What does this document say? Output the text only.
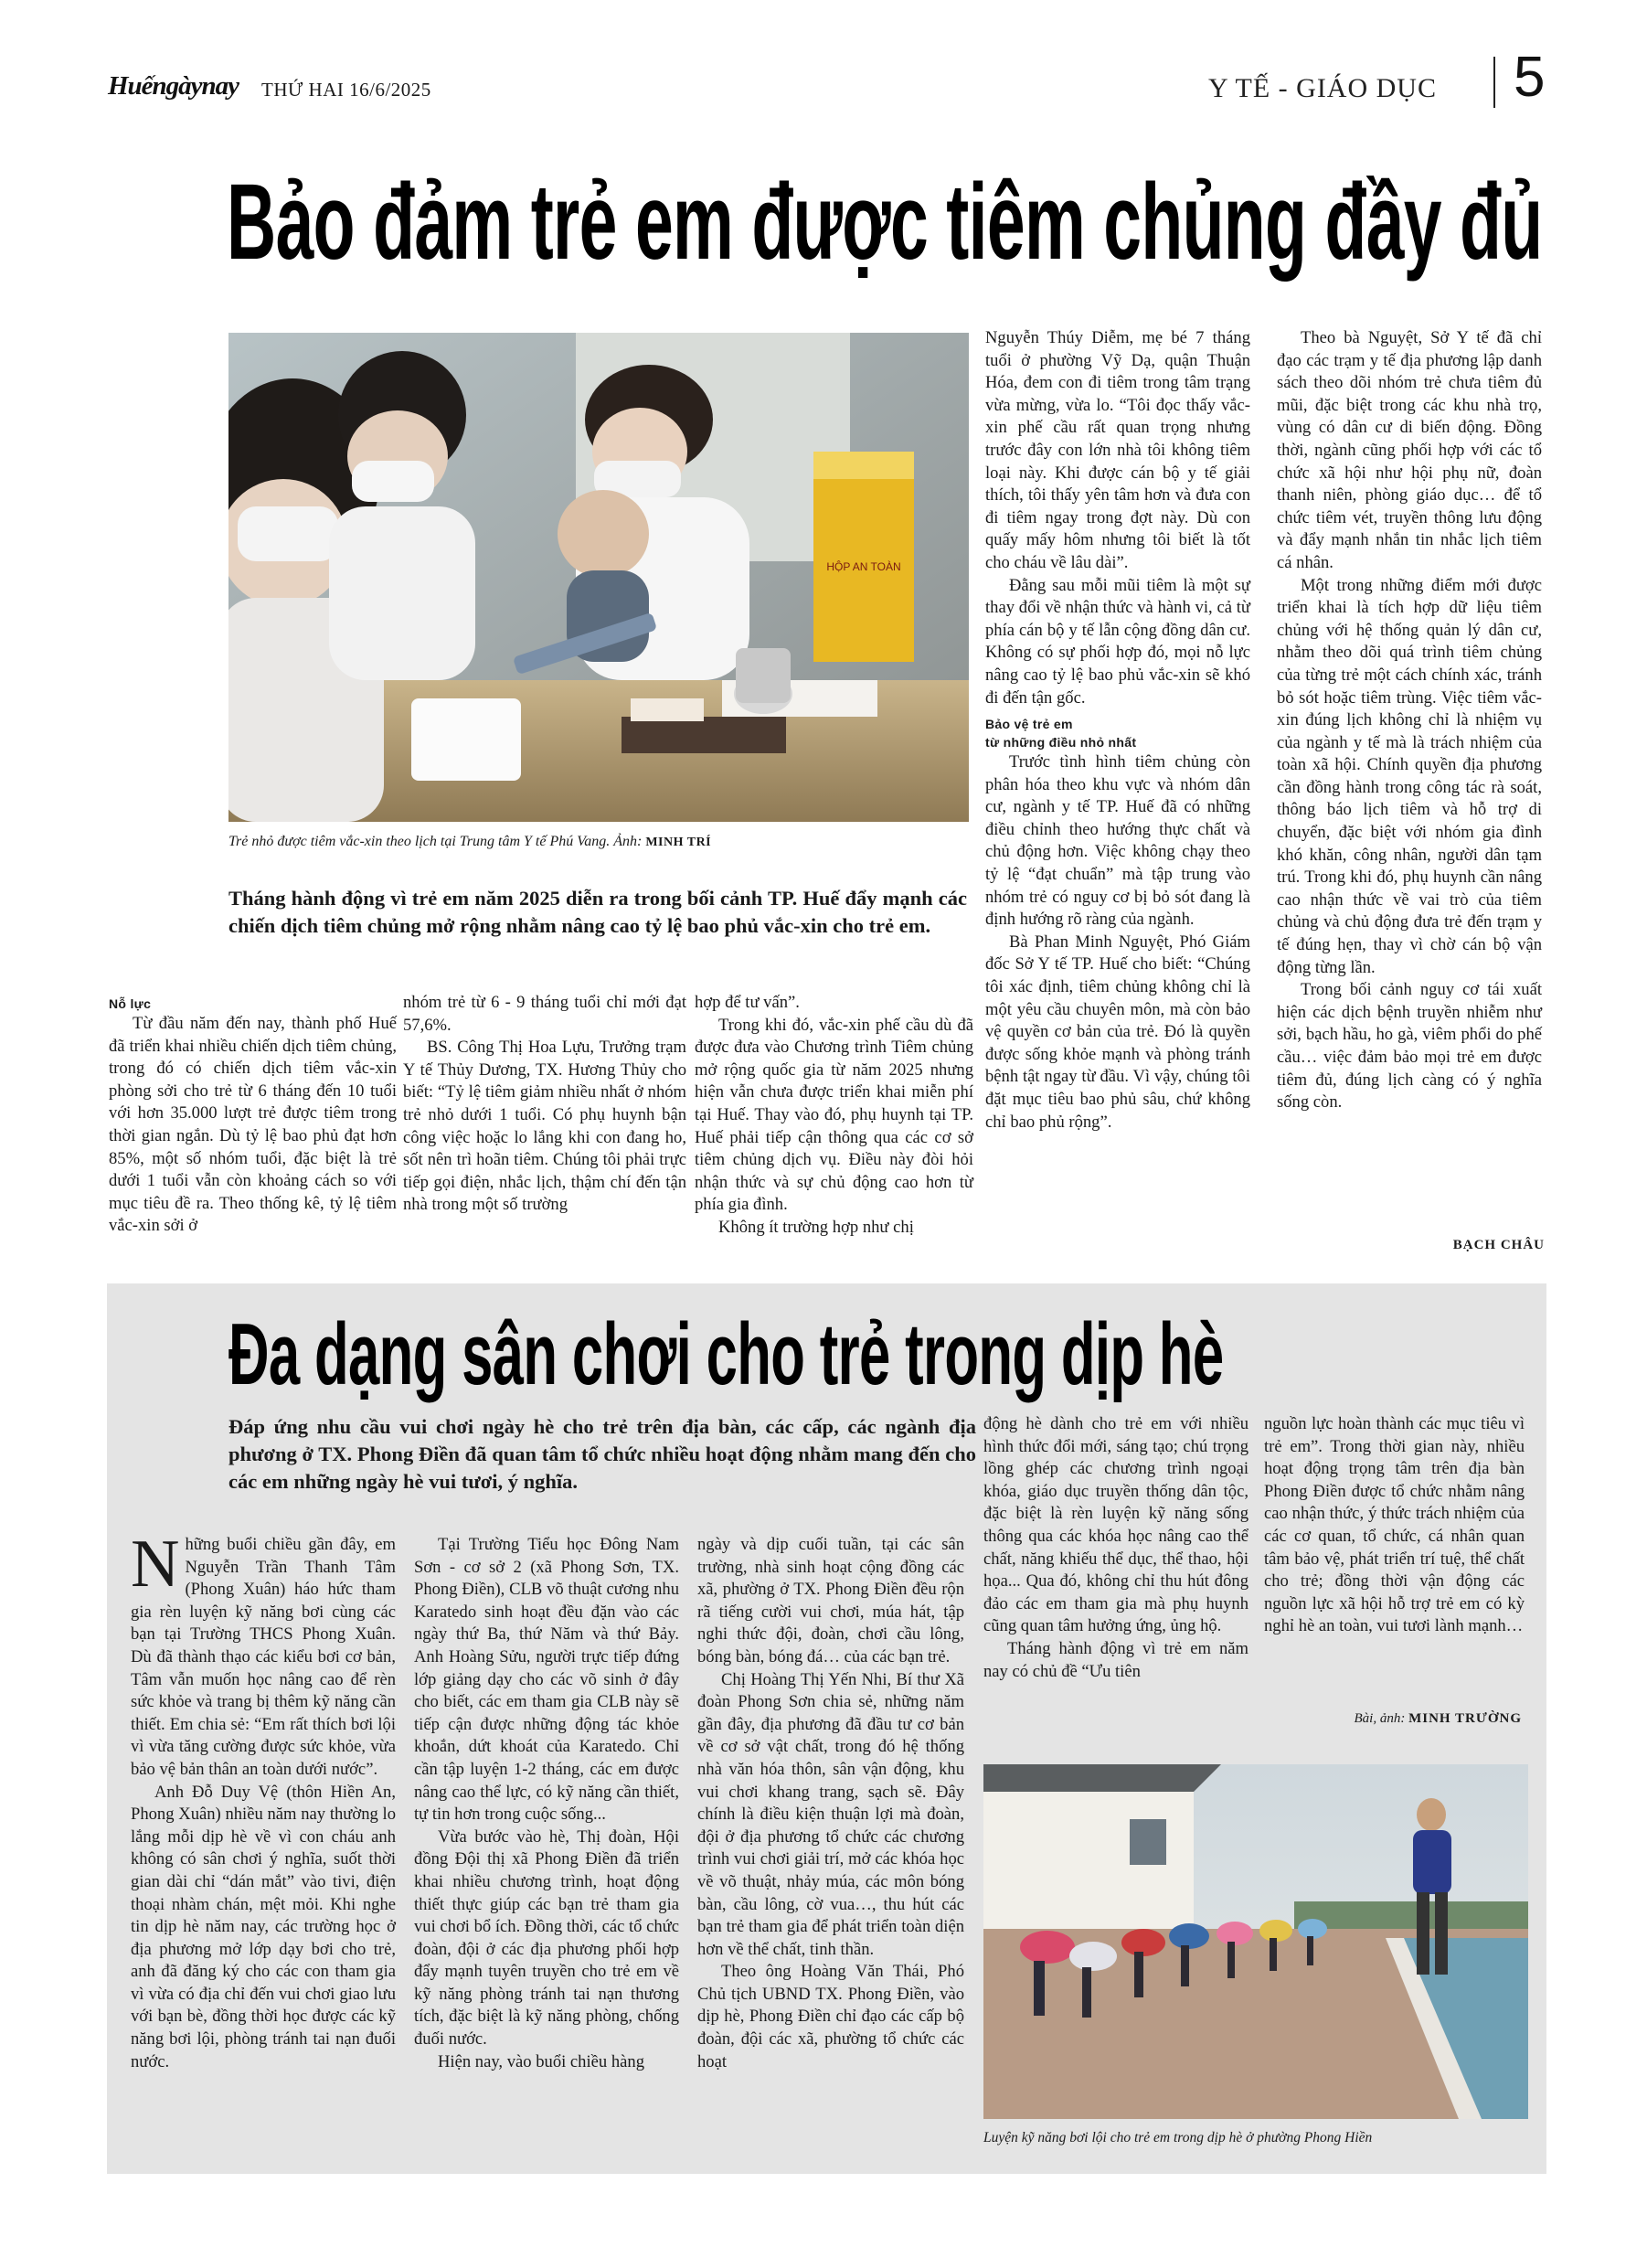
Huếngàynay THỨ HAI 16/6/2025	Y TẾ - GIÁO DỤC 5
Bảo đảm trẻ em được tiêm chủng đầy đủ
HỘP AN TOÀN
Trẻ nhỏ được tiêm vắc-xin theo lịch tại Trung tâm Y tế Phú Vang. Ảnh: MINH TRÍ
Tháng hành động vì trẻ em năm 2025 diễn ra trong bối cảnh TP. Huế đẩy mạnh các chiến dịch tiêm chủng mở rộng nhằm nâng cao tỷ lệ bao phủ vắc-xin cho trẻ em.

Nỗ lực

Từ đầu năm đến nay, thành phố Huế đã triển khai nhiều chiến dịch tiêm chủng, trong đó có chiến dịch tiêm vắc-xin phòng sởi cho trẻ từ 6 tháng đến 10 tuổi với hơn 35.000 lượt trẻ được tiêm trong thời gian ngắn. Dù tỷ lệ bao phủ đạt hơn 85%, một số nhóm tuổi, đặc biệt là trẻ dưới 1 tuổi vẫn còn khoảng cách so với mục tiêu đề ra. Theo thống kê, tỷ lệ tiêm vắc-xin sởi ở

nhóm trẻ từ 6 - 9 tháng tuổi chỉ mới đạt 57,6%.

BS. Công Thị Hoa Lựu, Trưởng trạm Y tế Thủy Dương, TX. Hương Thủy cho biết: “Tỷ lệ tiêm giảm nhiều nhất ở nhóm trẻ nhỏ dưới 1 tuổi. Có phụ huynh bận công việc hoặc lo lắng khi con đang ho, sốt nên trì hoãn tiêm. Chúng tôi phải trực tiếp gọi điện, nhắc lịch, thậm chí đến tận nhà trong một số trường

hợp để tư vấn”.

Trong khi đó, vắc-xin phế cầu dù đã được đưa vào Chương trình Tiêm chủng mở rộng quốc gia từ năm 2025 nhưng hiện vẫn chưa được triển khai miễn phí tại Huế. Thay vào đó, phụ huynh tại TP. Huế phải tiếp cận thông qua các cơ sở tiêm chủng dịch vụ. Điều này đòi hỏi nhận thức và sự chủ động cao hơn từ phía gia đình.

Không ít trường hợp như chị

Nguyễn Thúy Diễm, mẹ bé 7 tháng tuổi ở phường Vỹ Dạ, quận Thuận Hóa, đem con đi tiêm trong tâm trạng vừa mừng, vừa lo. “Tôi đọc thấy vắc-xin phế cầu rất quan trọng nhưng trước đây con lớn nhà tôi không tiêm loại này. Khi được cán bộ y tế giải thích, tôi thấy yên tâm hơn và đưa con đi tiêm ngay trong đợt này. Dù con quấy mấy hôm nhưng tôi biết là tốt cho cháu về lâu dài”.

Đằng sau mỗi mũi tiêm là một sự thay đổi về nhận thức và hành vi, cả từ phía cán bộ y tế lẫn cộng đồng dân cư. Không có sự phối hợp đó, mọi nỗ lực nâng cao tỷ lệ bao phủ vắc-xin sẽ khó đi đến tận gốc.

Bảo vệ trẻ em

từ những điều nhỏ nhất

Trước tình hình tiêm chủng còn phân hóa theo khu vực và nhóm dân cư, ngành y tế TP. Huế đã có những điều chỉnh theo hướng thực chất và chủ động hơn. Việc không chạy theo tỷ lệ “đạt chuẩn” mà tập trung vào nhóm trẻ có nguy cơ bị bỏ sót đang là định hướng rõ ràng của ngành.

Bà Phan Minh Nguyệt, Phó Giám đốc Sở Y tế TP. Huế cho biết: “Chúng tôi xác định, tiêm chủng không chỉ là một yêu cầu chuyên môn, mà còn bảo vệ quyền cơ bản của trẻ. Đó là quyền được sống khỏe mạnh và phòng tránh bệnh tật ngay từ đầu. Vì vậy, chúng tôi đặt mục tiêu bao phủ sâu, chứ không chỉ bao phủ rộng”.

Theo bà Nguyệt, Sở Y tế đã chỉ đạo các trạm y tế địa phương lập danh sách theo dõi nhóm trẻ chưa tiêm đủ mũi, đặc biệt trong các khu nhà trọ, vùng có dân cư di biến động. Đồng thời, ngành cũng phối hợp với các tổ chức xã hội như hội phụ nữ, đoàn thanh niên, phòng giáo dục… để tổ chức tiêm vét, truyền thông lưu động và đẩy mạnh nhắn tin nhắc lịch tiêm cá nhân.

Một trong những điểm mới được triển khai là tích hợp dữ liệu tiêm chủng với hệ thống quản lý dân cư, nhằm theo dõi quá trình tiêm chủng của từng trẻ một cách chính xác, tránh bỏ sót hoặc tiêm trùng. Việc tiêm vắc-xin đúng lịch không chỉ là nhiệm vụ của ngành y tế mà là trách nhiệm của toàn xã hội. Chính quyền địa phương cần đồng hành trong công tác rà soát, thông báo lịch tiêm và hỗ trợ di chuyển, đặc biệt với nhóm gia đình khó khăn, công nhân, người dân tạm trú. Trong khi đó, phụ huynh cần nâng cao nhận thức về vai trò của tiêm chủng và chủ động đưa trẻ đến trạm y tế đúng hẹn, thay vì chờ cán bộ vận động từng lần.

Trong bối cảnh nguy cơ tái xuất hiện các dịch bệnh truyền nhiễm như sởi, bạch hầu, ho gà, viêm phổi do phế cầu… việc đảm bảo mọi trẻ em được tiêm đủ, đúng lịch càng có ý nghĩa sống còn.

BẠCH CHÂU
Đa dạng sân chơi cho trẻ trong dịp hè
Đáp ứng nhu cầu vui chơi ngày hè cho trẻ trên địa bàn, các cấp, các ngành địa phương ở TX. Phong Điền đã quan tâm tổ chức nhiều hoạt động nhằm mang đến cho các em những ngày hè vui tươi, ý nghĩa.

Những buổi chiều gần đây, em Nguyễn Trần Thanh Tâm (Phong Xuân) háo hức tham gia rèn luyện kỹ năng bơi cùng các bạn tại Trường THCS Phong Xuân. Dù đã thành thạo các kiểu bơi cơ bản, Tâm vẫn muốn học nâng cao để rèn sức khỏe và trang bị thêm kỹ năng cần thiết. Em chia sẻ: “Em rất thích bơi lội vì vừa tăng cường được sức khỏe, vừa bảo vệ bản thân an toàn dưới nước”.

Anh Đỗ Duy Vệ (thôn Hiền An, Phong Xuân) nhiều năm nay thường lo lắng mỗi dịp hè về vì con cháu anh không có sân chơi ý nghĩa, suốt thời gian dài chỉ “dán mắt” vào tivi, điện thoại nhàm chán, mệt mỏi. Khi nghe tin dịp hè năm nay, các trường học ở địa phương mở lớp dạy bơi cho trẻ, anh đã đăng ký cho các con tham gia vì vừa có địa chỉ đến vui chơi giao lưu với bạn bè, đồng thời học được các kỹ năng bơi lội, phòng tránh tai nạn đuối nước.

Tại Trường Tiểu học Đông Nam Sơn - cơ sở 2 (xã Phong Sơn, TX. Phong Điền), CLB võ thuật cương nhu Karatedo sinh hoạt đều đặn vào các ngày thứ Ba, thứ Năm và thứ Bảy. Anh Hoàng Sửu, người trực tiếp đứng lớp giảng dạy cho các võ sinh ở đây cho biết, các em tham gia CLB này sẽ tiếp cận được những động tác khỏe khoắn, dứt khoát của Karatedo. Chỉ cần tập luyện 1-2 tháng, các em được nâng cao thể lực, có kỹ năng cần thiết, tự tin hơn trong cuộc sống...

Vừa bước vào hè, Thị đoàn, Hội đồng Đội thị xã Phong Điền đã triển khai nhiều chương trình, hoạt động thiết thực giúp các bạn trẻ tham gia vui chơi bổ ích. Đồng thời, các tổ chức đoàn, đội ở các địa phương phối hợp đẩy mạnh tuyên truyền cho trẻ em về kỹ năng phòng tránh tai nạn thương tích, đặc biệt là kỹ năng phòng, chống đuối nước.

Hiện nay, vào buổi chiều hàng

ngày và dịp cuối tuần, tại các sân trường, nhà sinh hoạt cộng đồng các xã, phường ở TX. Phong Điền đều rộn rã tiếng cười vui chơi, múa hát, tập nghi thức đội, đoàn, chơi cầu lông, bóng bàn, bóng đá… của các bạn trẻ.

Chị Hoàng Thị Yến Nhi, Bí thư Xã đoàn Phong Sơn chia sẻ, những năm gần đây, địa phương đã đầu tư cơ bản về cơ sở vật chất, trong đó hệ thống nhà văn hóa thôn, sân vận động, khu vui chơi khang trang, sạch sẽ. Đây chính là điều kiện thuận lợi mà đoàn, đội ở địa phương tổ chức các chương trình vui chơi giải trí, mở các khóa học về võ thuật, nhảy múa, các môn bóng bàn, cầu lông, cờ vua…, thu hút các bạn trẻ tham gia để phát triển toàn diện hơn về thể chất, tinh thần.

Theo ông Hoàng Văn Thái, Phó Chủ tịch UBND TX. Phong Điền, vào dịp hè, Phong Điền chỉ đạo các cấp bộ đoàn, đội các xã, phường tổ chức các hoạt

động hè dành cho trẻ em với nhiều hình thức đổi mới, sáng tạo; chú trọng lồng ghép các chương trình ngoại khóa, giáo dục truyền thống dân tộc, đặc biệt là rèn luyện kỹ năng sống thông qua các khóa học nâng cao thể chất, năng khiếu thể dục, thể thao, hội họa... Qua đó, không chỉ thu hút đông đảo các em tham gia mà phụ huynh cũng quan tâm hưởng ứng, ủng hộ.

Tháng hành động vì trẻ em năm nay có chủ đề “Ưu tiên

nguồn lực hoàn thành các mục tiêu vì trẻ em”. Trong thời gian này, nhiều hoạt động trọng tâm trên địa bàn Phong Điền được tổ chức nhằm nâng cao nhận thức, ý thức trách nhiệm của các cơ quan, tổ chức, cá nhân quan tâm bảo vệ, phát triển trí tuệ, thể chất cho trẻ; đồng thời vận động các nguồn lực xã hội hỗ trợ trẻ em có kỳ nghỉ hè an toàn, vui tươi lành mạnh…

Bài, ảnh: MINH TRƯỜNG
Luyện kỹ năng bơi lội cho trẻ em trong dịp hè ở phường Phong Hiền
